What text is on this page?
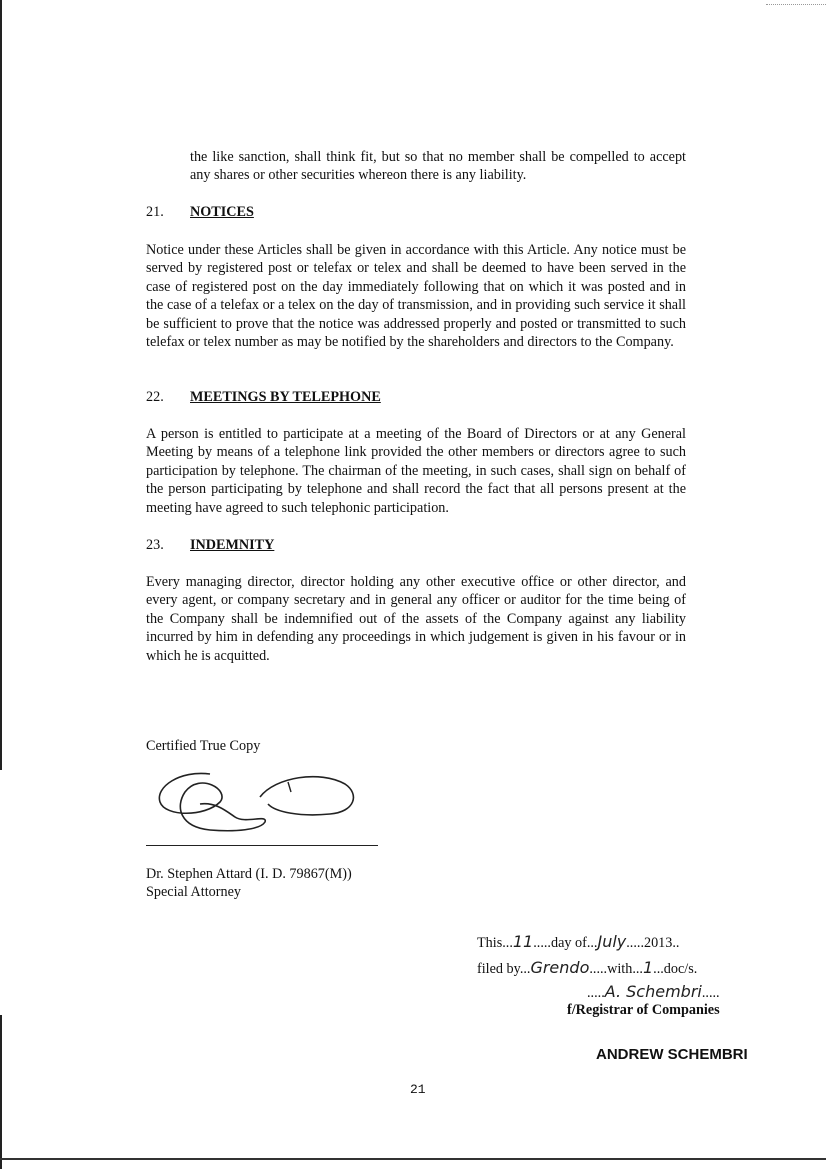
the like sanction, shall think fit, but so that no member shall be compelled to accept any shares or other securities whereon there is any liability.

21. NOTICES

Notice under these Articles shall be given in accordance with this Article. Any notice must be served by registered post or telefax or telex and shall be deemed to have been served in the case of registered post on the day immediately following that on which it was posted and in the case of a telefax or a telex on the day of transmission, and in providing such service it shall be sufficient to prove that the notice was addressed properly and posted or transmitted to such telefax or telex number as may be notified by the shareholders and directors to the Company.

22. MEETINGS BY TELEPHONE

A person is entitled to participate at a meeting of the Board of Directors or at any General Meeting by means of a telephone link provided the other members or directors agree to such participation by telephone. The chairman of the meeting, in such cases, shall sign on behalf of the person participating by telephone and shall record the fact that all persons present at the meeting have agreed to such telephonic participation.

23. INDEMNITY

Every managing director, director holding any other executive office or other director, and every agent, or company secretary and in general any officer or auditor for the time being of the Company shall be indemnified out of the assets of the Company against any liability incurred by him in defending any proceedings in which judgement is given in his favour or in which he is acquitted.

Certified True Copy

Dr. Stephen Attard (I. D. 79867(M))

Special Attorney

This...11.....day of...July.....2013..
filed by...Grendo.....with...1...doc/s.
.....A. Schembri.....
f/Registrar of Companies
ANDREW SCHEMBRI
21
